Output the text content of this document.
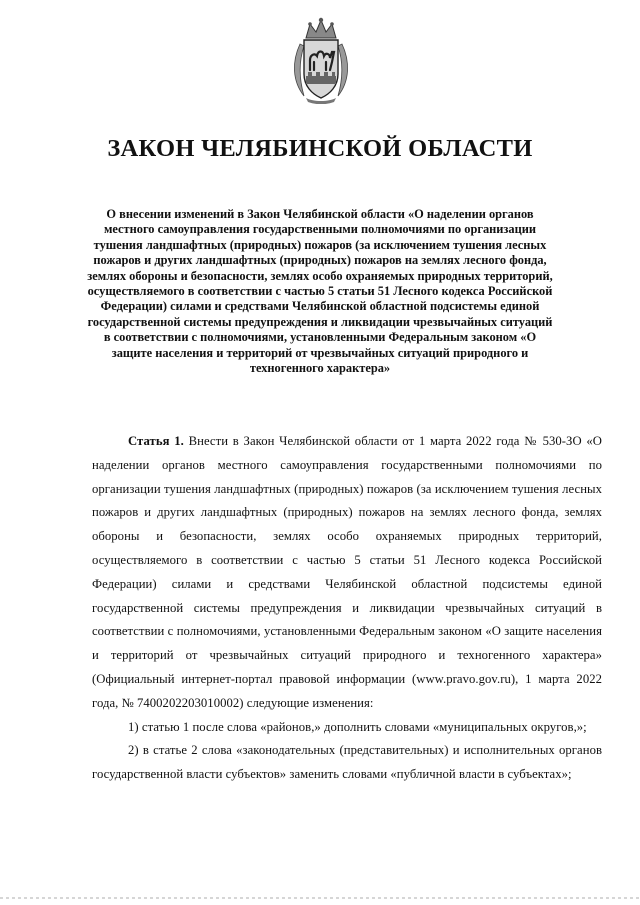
ЗАКОН ЧЕЛЯБИНСКОЙ ОБЛАСТИ

О внесении изменений в Закон Челябинской области «О наделении органов местного самоуправления государственными полномочиями по организации тушения ландшафтных (природных) пожаров (за исключением тушения лесных пожаров и других ландшафтных (природных) пожаров на землях лесного фонда, землях обороны и безопасности, землях особо охраняемых природных территорий, осуществляемого в соответствии с частью 5 статьи 51 Лесного кодекса Российской Федерации) силами и средствами Челябинской областной подсистемы единой государственной системы предупреждения и ликвидации чрезвычайных ситуаций в соответствии с полномочиями, установленными Федеральным законом «О защите населения и территорий от чрезвычайных ситуаций природного и техногенного характера»

Статья 1. Внести в Закон Челябинской области от 1 марта 2022 года № 530-ЗО «О наделении органов местного самоуправления государственными полномочиями по организации тушения ландшафтных (природных) пожаров (за исключением тушения лесных пожаров и других ландшафтных (природных) пожаров на землях лесного фонда, землях обороны и безопасности, землях особо охраняемых природных территорий, осуществляемого в соответствии с частью 5 статьи 51 Лесного кодекса Российской Федерации) силами и средствами Челябинской областной подсистемы единой государственной системы предупреждения и ликвидации чрезвычайных ситуаций в соответствии с полномочиями, установленными Федеральным законом «О защите населения и территорий от чрезвычайных ситуаций природного и техногенного характера» (Официальный интернет-портал правовой информации (www.pravo.gov.ru), 1 марта 2022 года, № 7400202203010002) следующие изменения:

1) статью 1 после слова «районов,» дополнить словами «муниципальных округов,»;

2) в статье 2 слова «законодательных (представительных) и исполнительных органов государственной власти субъектов» заменить словами «публичной власти в субъектах»;
